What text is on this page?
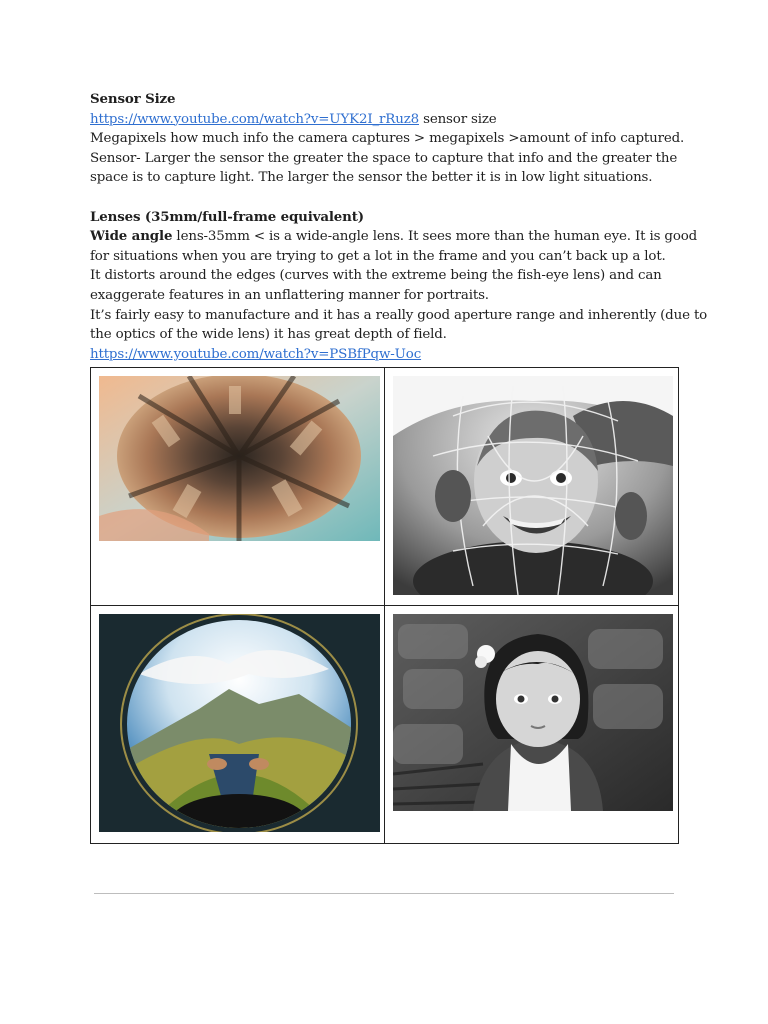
Sensor Size
https://www.youtube.com/watch?v=UYK2I_rRuz8 sensor size
Megapixels how much info the camera captures > megapixels >amount of info captured.
Sensor- Larger the sensor the greater the space to capture that info and the greater the
space is to capture light. The larger the sensor the better it is in low light situations.
Lenses (35mm/full-frame equivalent)
Wide angle lens-35mm < is a wide-angle lens. It sees more than the human eye. It is good
for situations when you are trying to get a lot in the frame and you can’t back up a lot.
It distorts around the edges (curves with the extreme being the fish-eye lens) and can
exaggerate features in an unflattering manner for portraits.
It’s fairly easy to manufacture and it has a really good aperture range and inherently (due to
the optics of the wide lens) it has great depth of field.
https://www.youtube.com/watch?v=PSBfPqw-Uoc
